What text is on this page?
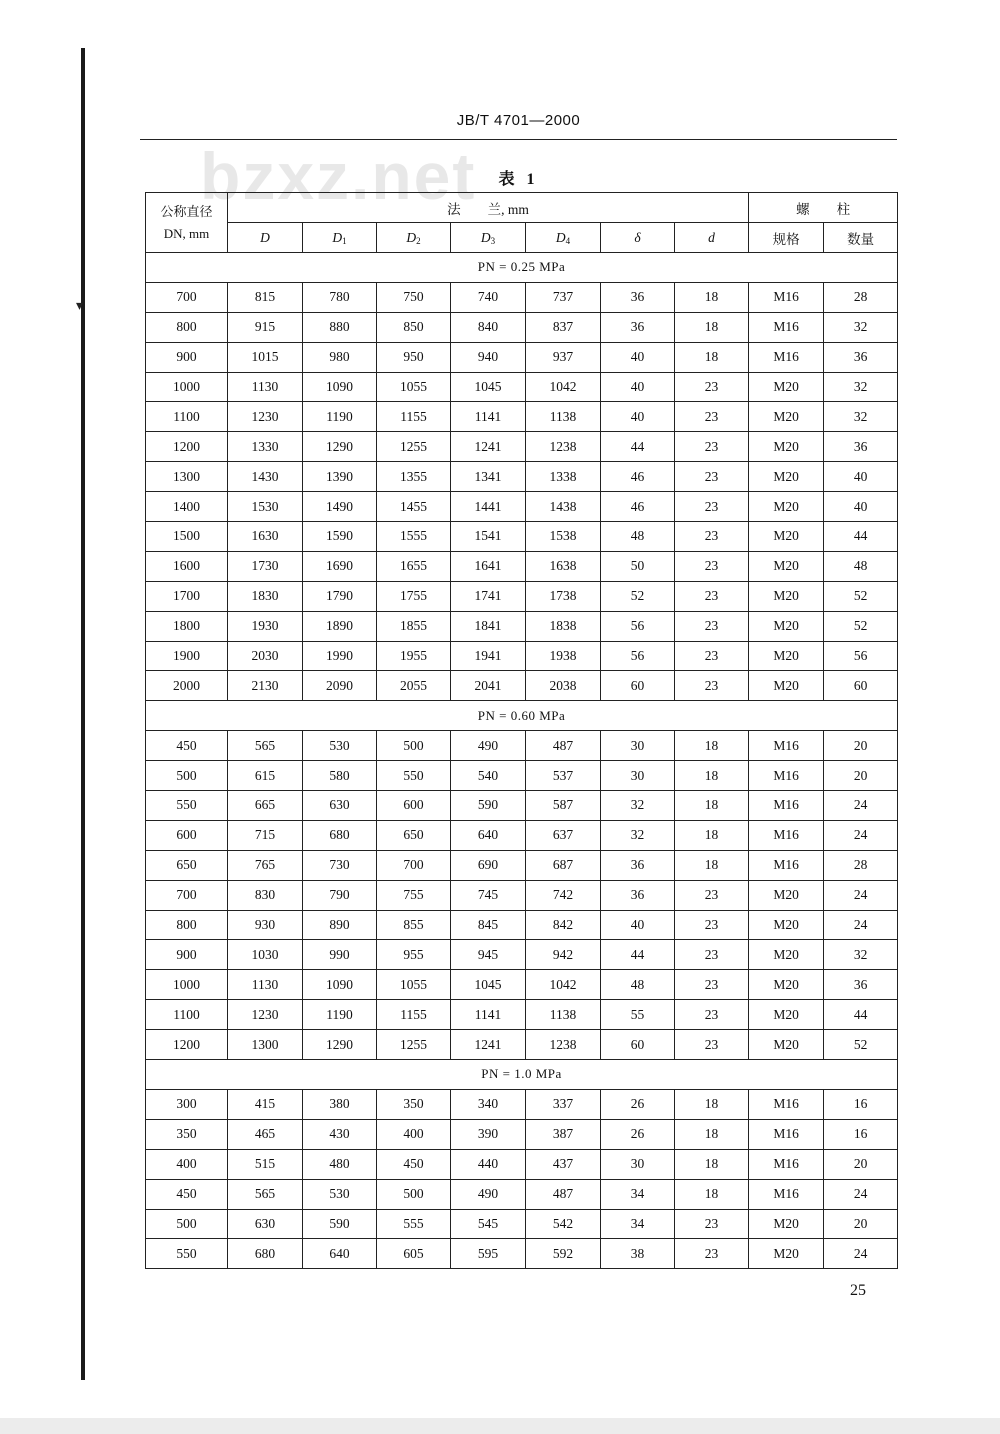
▾
JB/T 4701—2000
bzxz.net	表 1
公称直径
DN, mm	法　　兰, mm							螺　　柱	
	D	$D_1$	$D_2$	$D_3$	$D_4$	δ	d	规格	数量
PN = 0.25 MPa									
700	815	780	750	740	737	36	18	M16	28
800	915	880	850	840	837	36	18	M16	32
900	1015	980	950	940	937	40	18	M16	36
1000	1130	1090	1055	1045	1042	40	23	M20	32
1100	1230	1190	1155	1141	1138	40	23	M20	32
1200	1330	1290	1255	1241	1238	44	23	M20	36
1300	1430	1390	1355	1341	1338	46	23	M20	40
1400	1530	1490	1455	1441	1438	46	23	M20	40
1500	1630	1590	1555	1541	1538	48	23	M20	44
1600	1730	1690	1655	1641	1638	50	23	M20	48
1700	1830	1790	1755	1741	1738	52	23	M20	52
1800	1930	1890	1855	1841	1838	56	23	M20	52
1900	2030	1990	1955	1941	1938	56	23	M20	56
2000	2130	2090	2055	2041	2038	60	23	M20	60
PN = 0.60 MPa									
450	565	530	500	490	487	30	18	M16	20
500	615	580	550	540	537	30	18	M16	20
550	665	630	600	590	587	32	18	M16	24
600	715	680	650	640	637	32	18	M16	24
650	765	730	700	690	687	36	18	M16	28
700	830	790	755	745	742	36	23	M20	24
800	930	890	855	845	842	40	23	M20	24
900	1030	990	955	945	942	44	23	M20	32
1000	1130	1090	1055	1045	1042	48	23	M20	36
1100	1230	1190	1155	1141	1138	55	23	M20	44
1200	1300	1290	1255	1241	1238	60	23	M20	52
PN = 1.0 MPa									
300	415	380	350	340	337	26	18	M16	16
350	465	430	400	390	387	26	18	M16	16
400	515	480	450	440	437	30	18	M16	20
450	565	530	500	490	487	34	18	M16	24
500	630	590	555	545	542	34	23	M20	20
550	680	640	605	595	592	38	23	M20	24
25
